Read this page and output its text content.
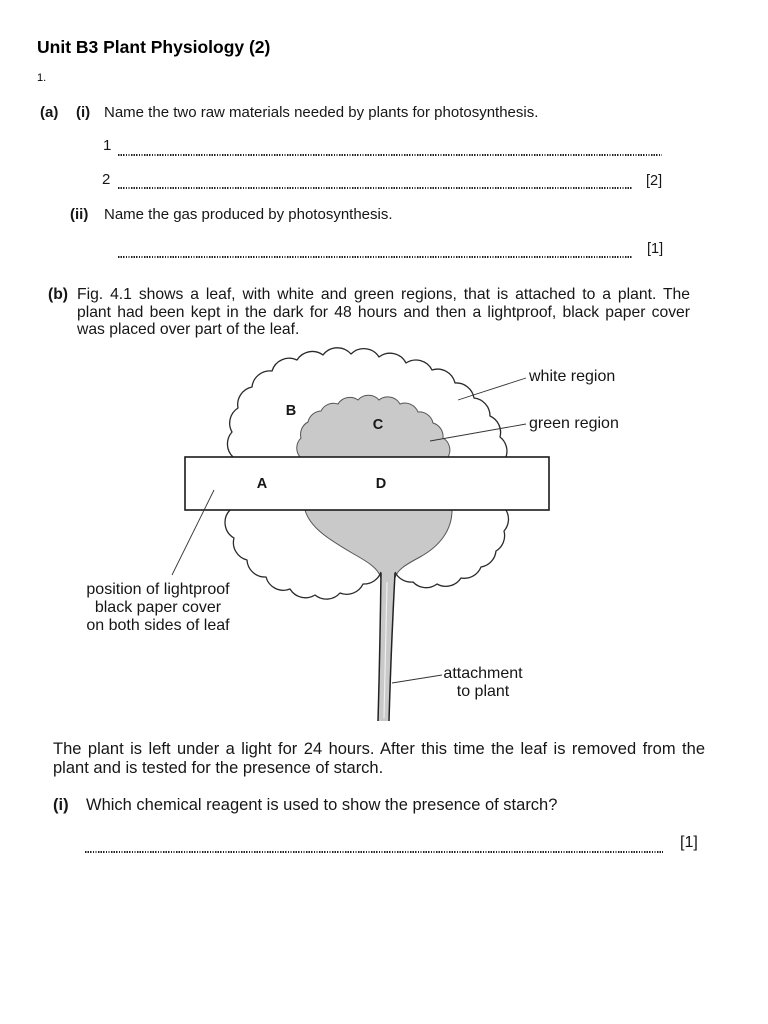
Unit B3 Plant Physiology (2)
1.
(a) (i) Name the two raw materials needed by plants for photosynthesis.
1
2	[2]
(ii) Name the gas produced by photosynthesis.
[1]
(b) Fig. 4.1 shows a leaf, with white and green regions, that is attached to a plant. The
plant had been kept in the dark for 48 hours and then a lightproof, black paper cover
was placed over part of the leaf.
B
C
A	D
white region
green region
position of lightproof
black paper cover
on both sides of leaf
attachment
to plant
The plant is left under a light for 24 hours. After this time the leaf is removed from the
plant and is tested for the presence of starch.
(i) Which chemical reagent is used to show the presence of starch?
[1]
